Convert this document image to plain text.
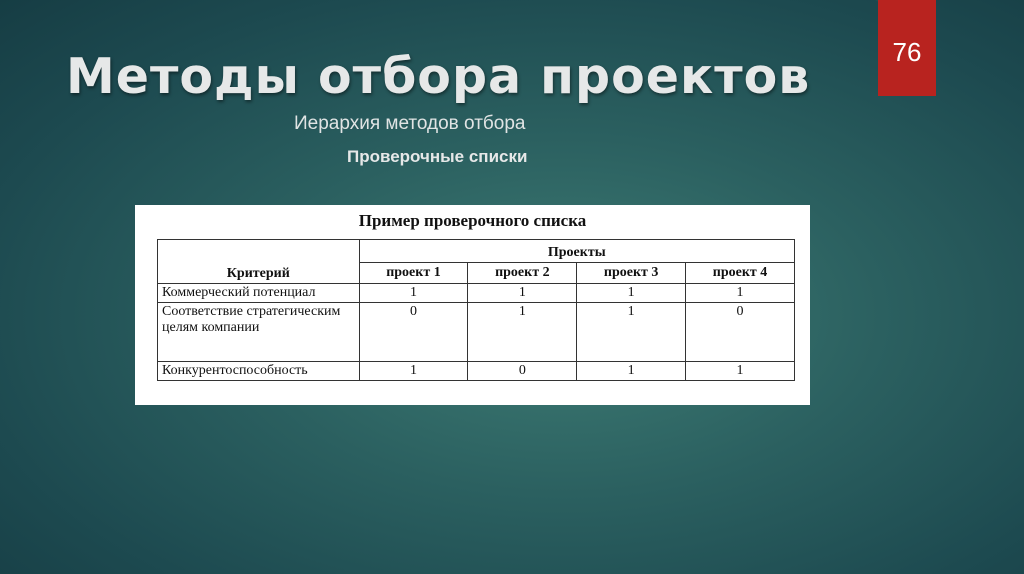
76
Методы отбора проектов
Иерархия методов отбора
Проверочные списки
Пример проверочного списка
Критерий	Проекты			
	проект 1	проект 2	проект 3	проект 4
Коммерческий потенциал	1	1	1	1
Соответствие стратегическим целям компании	0	1	1	0
Конкурентоспособность	1	0	1	1
